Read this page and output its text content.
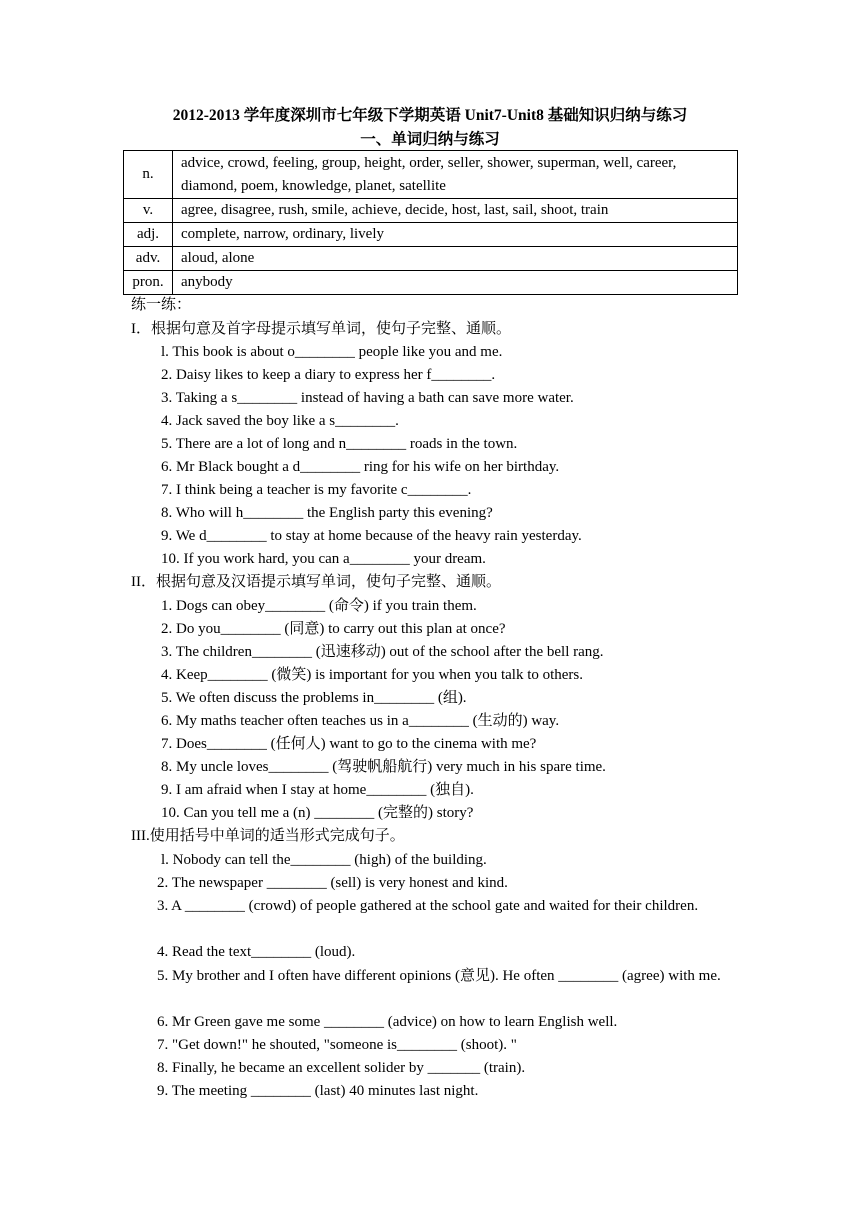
2012-2013 学年度深圳市七年级下学期英语 Unit7-Unit8 基础知识归纳与练习
一、单词归纳与练习
n.	advice, crowd, feeling, group, height, order, seller, shower, superman, well, career, diamond, poem, knowledge, planet, satellite
v.	agree, disagree, rush, smile, achieve, decide, host, last, sail, shoot, train
adj.	complete, narrow, ordinary, lively
adv.	aloud, alone
pron.	anybody
练一练：
I．根据句意及首字母提示填写单词，使句子完整、通顺。
l. This book is about o________ people like you and me.
2. Daisy likes to keep a diary to express her f________.
3. Taking a s________ instead of having a bath can save more water.
4. Jack saved the boy like a s________.
5. There are a lot of long and n________ roads in the town.
6. Mr Black bought a d________ ring for his wife on her birthday.
7. I think being a teacher is my favorite c________.
8. Who will h________ the English party this evening?
9. We d________ to stay at home because of the heavy rain yesterday.
10. If you work hard, you can a________ your dream.
II．根据句意及汉语提示填写单词，使句子完整、通顺。
1. Dogs can obey________ (命令) if you train them.
2. Do you________ (同意) to carry out this plan at once?
3. The children________ (迅速移动) out of the school after the bell rang.
4. Keep________ (微笑) is important for you when you talk to others.
5. We often discuss the problems in________ (组).
6. My maths teacher often teaches us in a________ (生动的) way.
7. Does________ (任何人) want to go to the cinema with me?
8. My uncle loves________ (驾驶帆船航行) very much in his spare time.
9. I am afraid when I stay at home________ (独自).
10. Can you tell me a (n) ________ (完整的) story?
III.使用括号中单词的适当形式完成句子。
l. Nobody can tell the________ (high) of the building.
2. The newspaper ________ (sell) is very honest and kind.
3. A ________ (crowd) of people gathered at the school gate and waited for their children.
4. Read the text________ (loud).
5. My brother and I often have different opinions (意见). He often ________ (agree) with me.
6. Mr Green gave me some ________ (advice) on how to learn English well.
7. "Get down!" he shouted, "someone is________ (shoot). "
8. Finally, he became an excellent solider by _______ (train).
9. The meeting ________ (last) 40 minutes last night.
